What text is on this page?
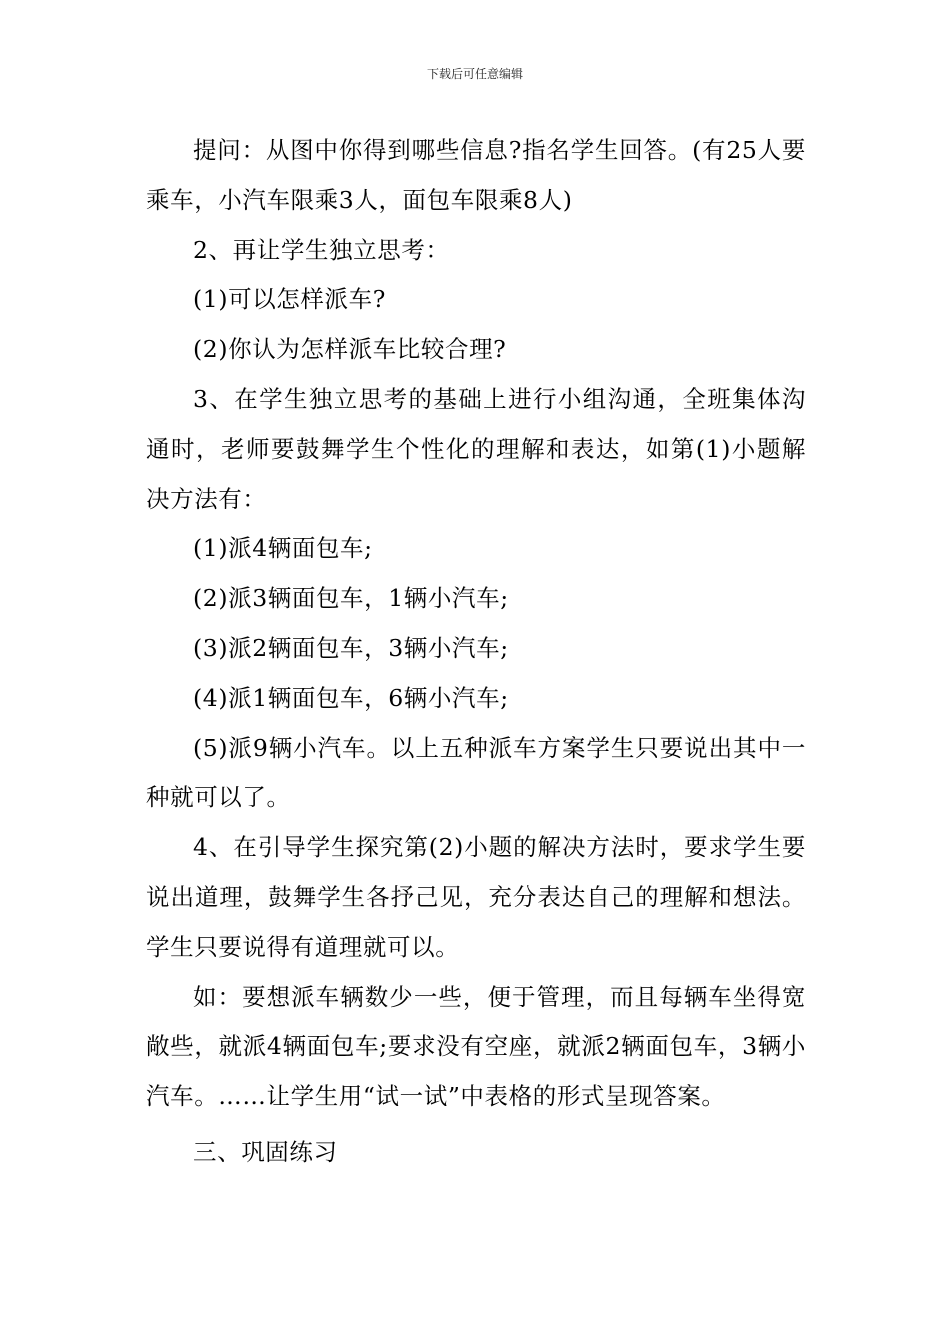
下载后可任意编辑

提问：从图中你得到哪些信息?指名学生回答。(有25人要乘车，小汽车限乘3人，面包车限乘8人)

2、再让学生独立思考：

(1)可以怎样派车?

(2)你认为怎样派车比较合理?

3、在学生独立思考的基础上进行小组沟通，全班集体沟通时，老师要鼓舞学生个性化的理解和表达，如第(1)小题解决方法有：

(1)派4辆面包车;

(2)派3辆面包车，1辆小汽车;

(3)派2辆面包车，3辆小汽车;

(4)派1辆面包车，6辆小汽车;

(5)派9辆小汽车。以上五种派车方案学生只要说出其中一种就可以了。

4、在引导学生探究第(2)小题的解决方法时，要求学生要说出道理，鼓舞学生各抒己见，充分表达自己的理解和想法。学生只要说得有道理就可以。

如：要想派车辆数少一些，便于管理，而且每辆车坐得宽敞些，就派4辆面包车;要求没有空座，就派2辆面包车，3辆小汽车。……让学生用“试一试”中表格的形式呈现答案。

三、巩固练习
